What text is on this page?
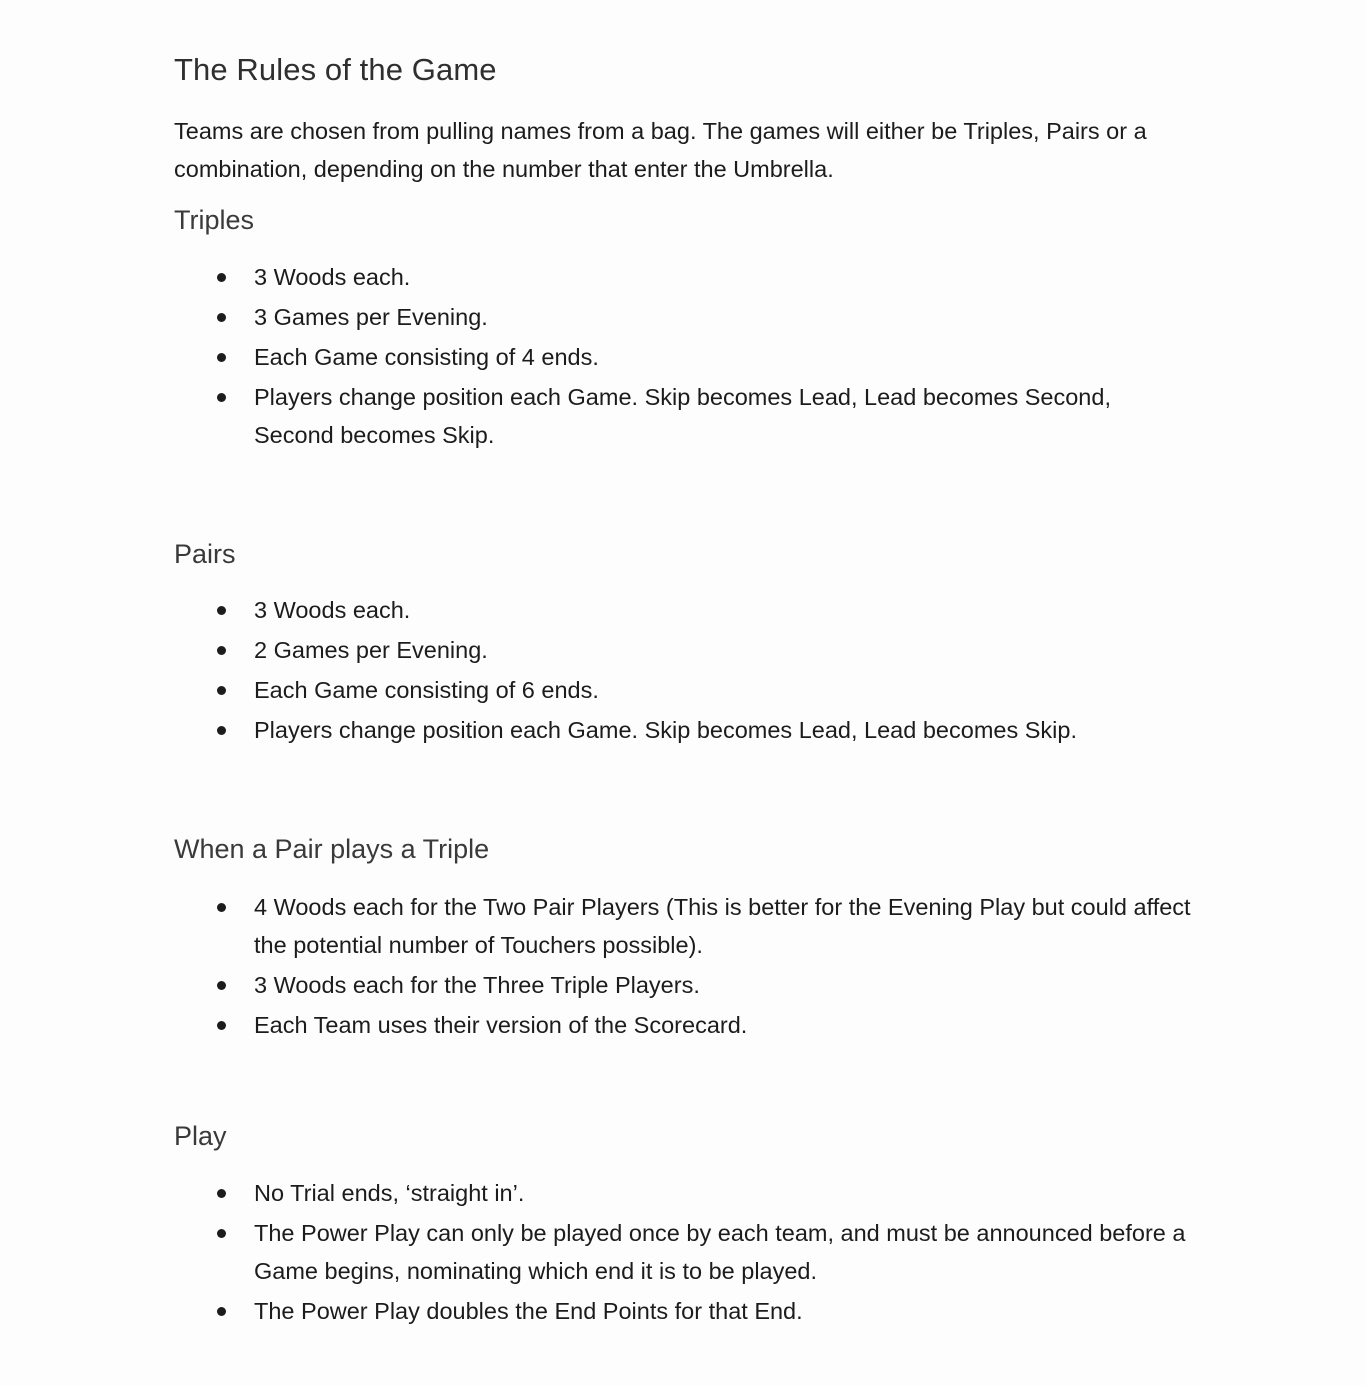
The Rules of the Game

Teams are chosen from pulling names from a bag. The games will either be Triples, Pairs or a combination, depending on the number that enter the Umbrella.

Triples
3 Woods each.
3 Games per Evening.
Each Game consisting of 4 ends.
Players change position each Game. Skip becomes Lead, Lead becomes Second, Second becomes Skip.
Pairs
3 Woods each.
2 Games per Evening.
Each Game consisting of 6 ends.
Players change position each Game. Skip becomes Lead, Lead becomes Skip.
When a Pair plays a Triple
4 Woods each for the Two Pair Players (This is better for the Evening Play but could affect the potential number of Touchers possible).
3 Woods each for the Three Triple Players.
Each Team uses their version of the Scorecard.
Play
No Trial ends, ‘straight in’.
The Power Play can only be played once by each team, and must be announced before a Game begins, nominating which end it is to be played.
The Power Play doubles the End Points for that End.
